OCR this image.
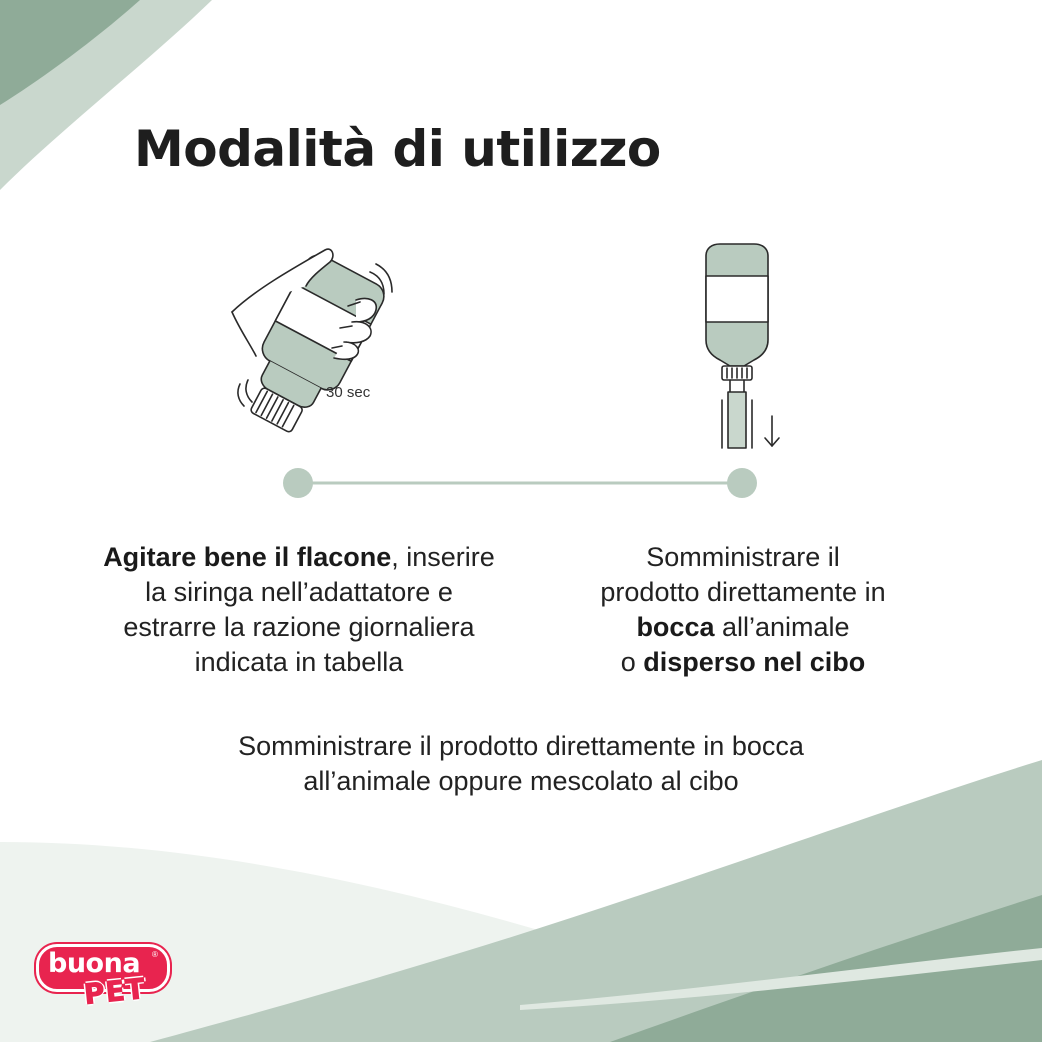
Modalità di utilizzo
30 sec
Agitare bene il flacone, inserire
la siringa nell’adattatore e
estrarre la razione giornaliera
indicata in tabella
Somministrare il
prodotto direttamente in
bocca all’animale
o disperso nel cibo
Somministrare il prodotto direttamente in bocca
all’animale oppure mescolato al cibo
buona ®
PET
